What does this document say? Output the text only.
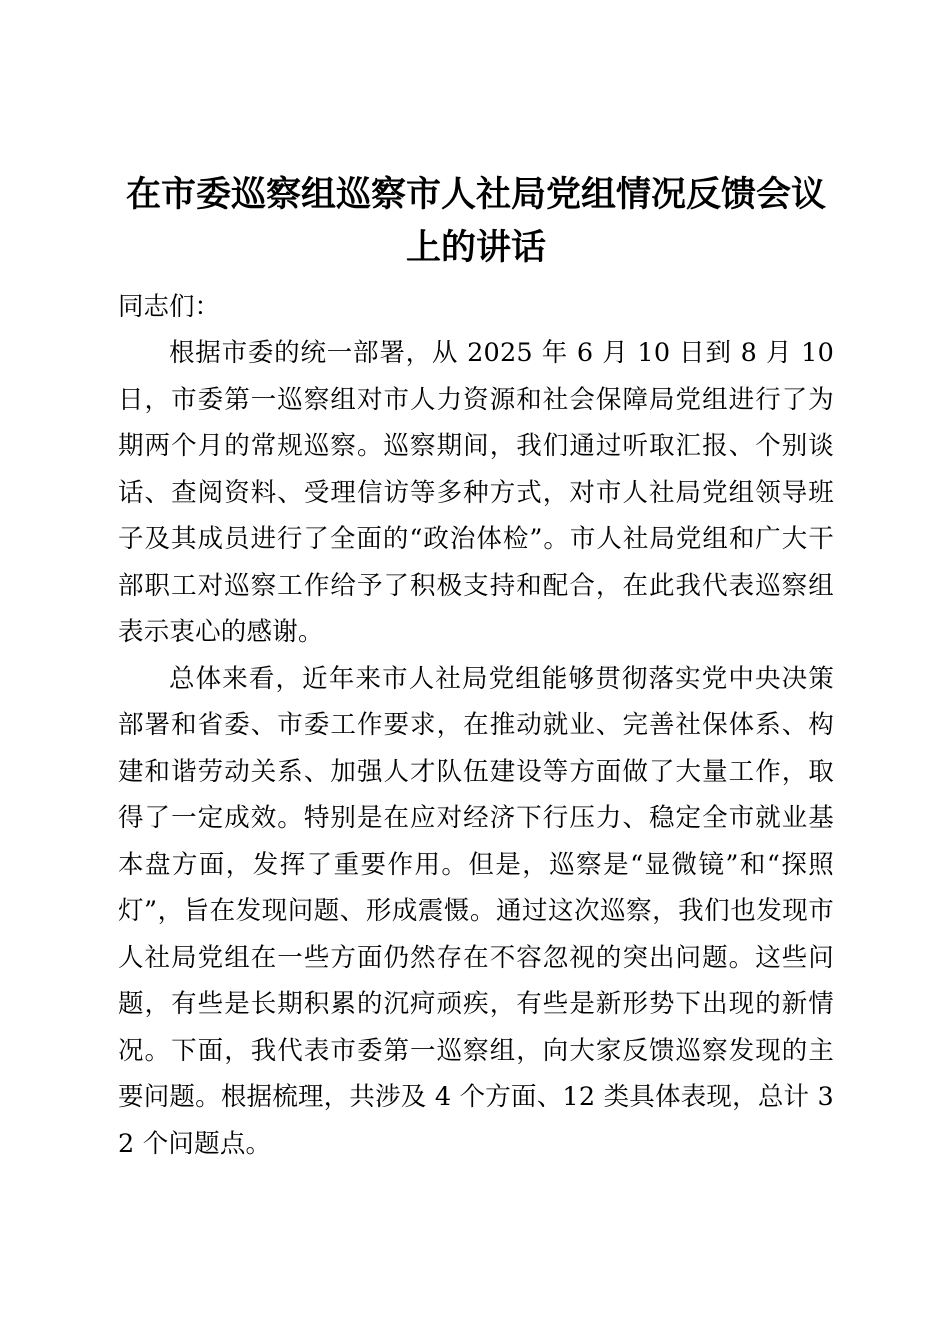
在市委巡察组巡察市人社局党组情况反馈会议上的讲话

同志们：

根据市委的统一部署，从 2025 年 6 月 10 日到 8 月 10 日，市委第一巡察组对市人力资源和社会保障局党组进行了为期两个月的常规巡察。巡察期间，我们通过听取汇报、个别谈话、查阅资料、受理信访等多种方式，对市人社局党组领导班子及其成员进行了全面的“政治体检”。市人社局党组和广大干部职工对巡察工作给予了积极支持和配合，在此我代表巡察组表示衷心的感谢。

总体来看，近年来市人社局党组能够贯彻落实党中央决策部署和省委、市委工作要求，在推动就业、完善社保体系、构建和谐劳动关系、加强人才队伍建设等方面做了大量工作，取得了一定成效。特别是在应对经济下行压力、稳定全市就业基本盘方面，发挥了重要作用。但是，巡察是“显微镜”和“探照灯”，旨在发现问题、形成震慑。通过这次巡察，我们也发现市人社局党组在一些方面仍然存在不容忽视的突出问题。这些问题，有些是长期积累的沉疴顽疾，有些是新形势下出现的新情况。下面，我代表市委第一巡察组，向大家反馈巡察发现的主要问题。根据梳理，共涉及 4 个方面、12 类具体表现，总计 32 个问题点。
